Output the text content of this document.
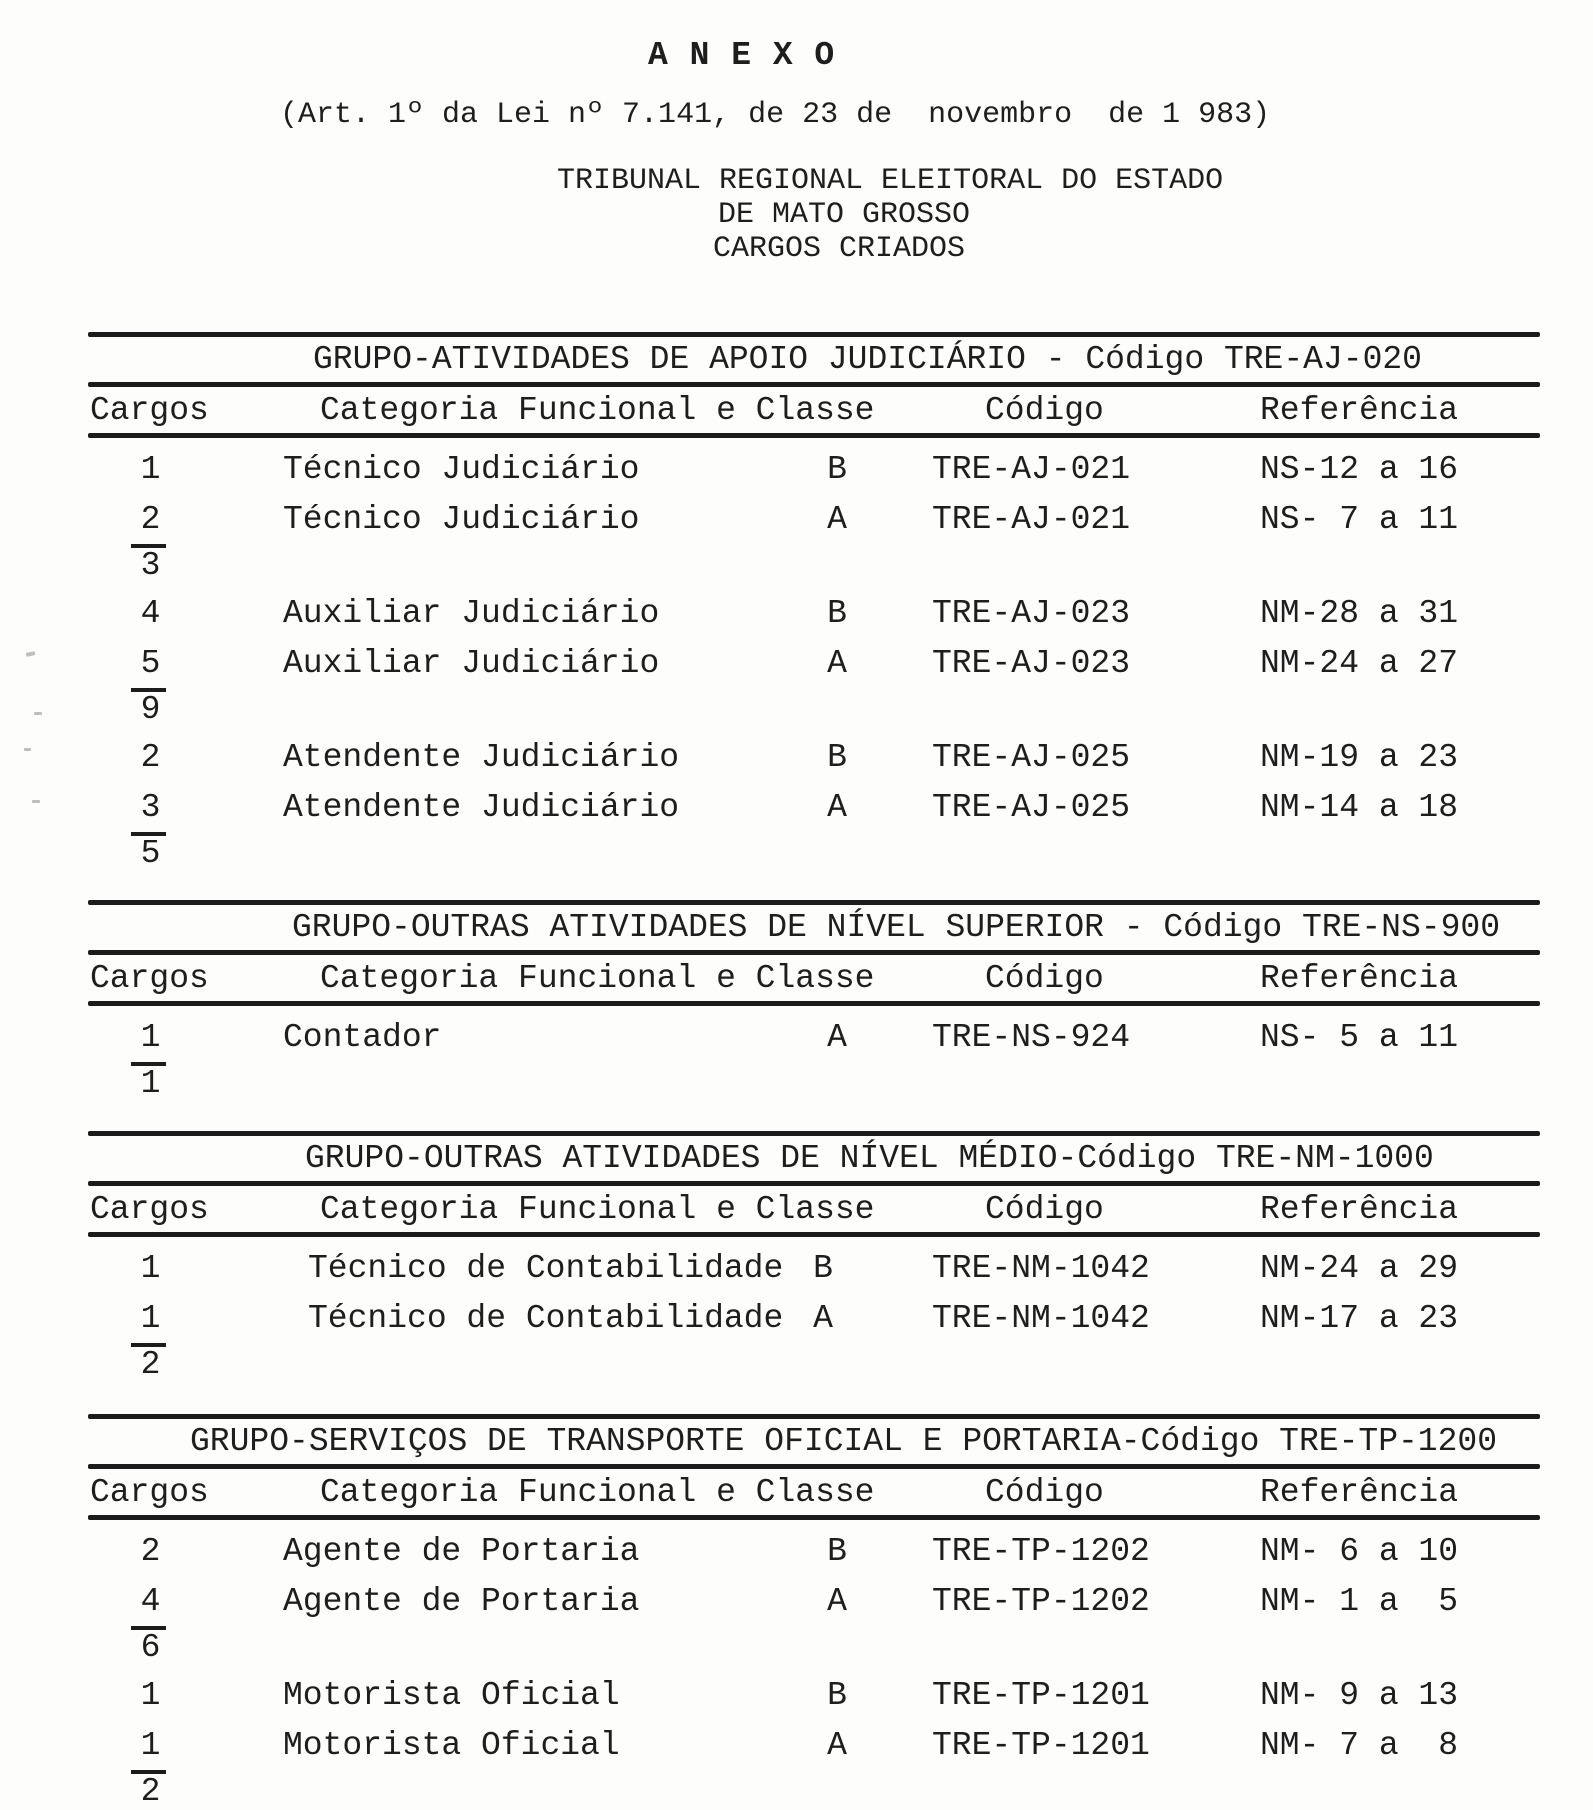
A N E X O
(Art. 1º da Lei nº 7.141, de 23 de  novembro  de 1 983)
TRIBUNAL REGIONAL ELEITORAL DO ESTADO
DE MATO GROSSO
CARGOS CRIADOS
GRUPO-ATIVIDADES DE APOIO JUDICIÁRIO - Código TRE-AJ-020
Cargos	Categoria Funcional e Classe	Código	Referência
1	Técnico Judiciário	B	TRE-AJ-021	NS-12 a 16
2	Técnico Judiciário	A	TRE-AJ-021	NS- 7 a 11
3
4	Auxiliar Judiciário	B	TRE-AJ-023	NM-28 a 31
5	Auxiliar Judiciário	A	TRE-AJ-023	NM-24 a 27
9
2	Atendente Judiciário	B	TRE-AJ-025	NM-19 a 23
3	Atendente Judiciário	A	TRE-AJ-025	NM-14 a 18
5
GRUPO-OUTRAS ATIVIDADES DE NÍVEL SUPERIOR - Código TRE-NS-900
Cargos	Categoria Funcional e Classe	Código	Referência
1	Contador	A	TRE-NS-924	NS- 5 a 11
1
GRUPO-OUTRAS ATIVIDADES DE NÍVEL MÉDIO-Código TRE-NM-1000
Cargos	Categoria Funcional e Classe	Código	Referência
1	Técnico de Contabilidade B	TRE-NM-1042	NM-24 a 29
1	Técnico de Contabilidade A	TRE-NM-1042	NM-17 a 23
2
GRUPO-SERVIÇOS DE TRANSPORTE OFICIAL E PORTARIA-Código TRE-TP-1200
Cargos	Categoria Funcional e Classe	Código	Referência
2	Agente de Portaria	B	TRE-TP-1202	NM- 6 a 10
4	Agente de Portaria	A	TRE-TP-1202	NM- 1 a  5
6
1	Motorista Oficial	B	TRE-TP-1201	NM- 9 a 13
1	Motorista Oficial	A	TRE-TP-1201	NM- 7 a  8
2
